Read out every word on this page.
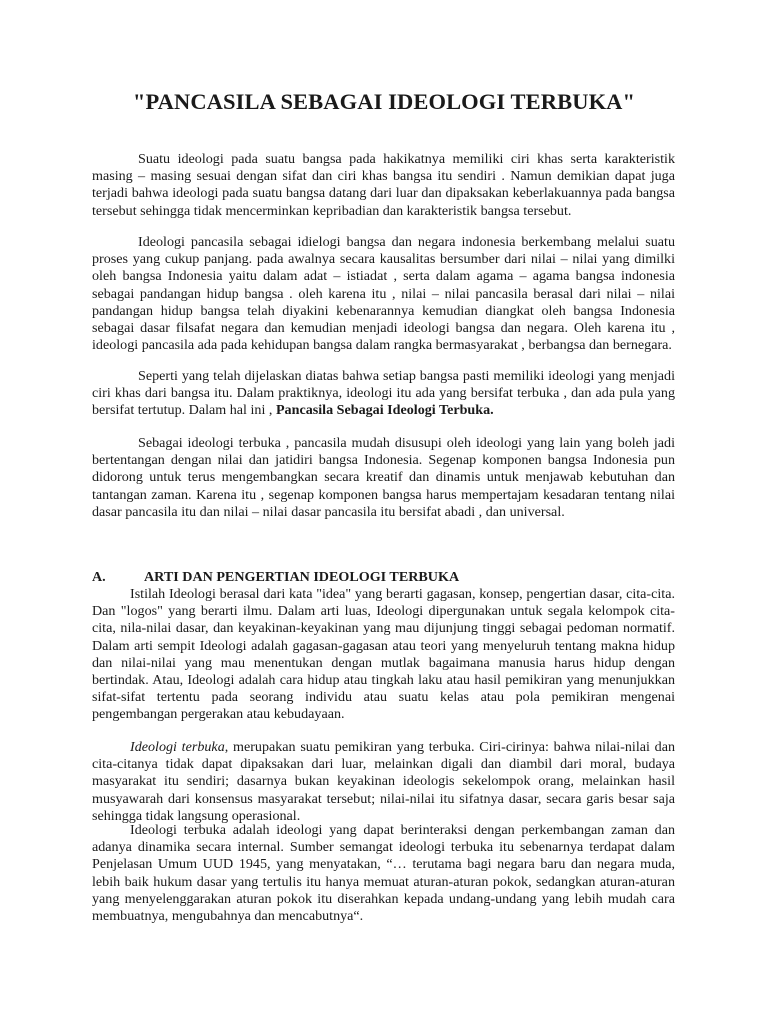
"PANCASILA SEBAGAI IDEOLOGI TERBUKA"

Suatu ideologi pada suatu bangsa pada hakikatnya memiliki ciri khas serta karakteristik masing – masing sesuai dengan sifat dan ciri khas bangsa itu sendiri . Namun demikian dapat juga terjadi bahwa ideologi pada suatu bangsa datang dari luar dan dipaksakan keberlakuannya pada bangsa tersebut sehingga tidak mencerminkan kepribadian dan karakteristik bangsa tersebut.

Ideologi pancasila sebagai idielogi bangsa dan negara indonesia berkembang melalui suatu proses yang cukup panjang. pada awalnya secara kausalitas bersumber dari nilai – nilai yang dimilki oleh bangsa Indonesia yaitu dalam adat – istiadat , serta dalam agama – agama bangsa indonesia sebagai pandangan hidup bangsa . oleh karena itu , nilai – nilai pancasila berasal dari nilai – nilai pandangan hidup bangsa telah diyakini kebenarannya kemudian diangkat oleh bangsa Indonesia sebagai dasar filsafat negara dan kemudian menjadi ideologi bangsa dan negara. Oleh karena itu , ideologi pancasila ada pada kehidupan bangsa dalam rangka bermasyarakat , berbangsa dan bernegara.

Seperti yang telah dijelaskan diatas bahwa setiap bangsa pasti memiliki ideologi yang menjadi ciri khas dari bangsa itu. Dalam praktiknya, ideologi itu ada yang bersifat terbuka , dan ada pula yang bersifat tertutup. Dalam hal ini , Pancasila Sebagai Ideologi Terbuka.

Sebagai ideologi terbuka , pancasila mudah disusupi oleh ideologi yang lain yang boleh jadi bertentangan dengan nilai dan jatidiri bangsa Indonesia. Segenap komponen bangsa Indonesia pun didorong untuk terus mengembangkan secara kreatif dan dinamis untuk menjawab kebutuhan dan tantangan zaman. Karena itu , segenap komponen bangsa harus mempertajam kesadaran tentang nilai dasar pancasila itu dan nilai – nilai dasar pancasila itu bersifat abadi , dan universal.

A.	ARTI DAN PENGERTIAN IDEOLOGI TERBUKA

Istilah Ideologi berasal dari kata "idea" yang berarti gagasan, konsep, pengertian dasar, cita-cita. Dan "logos" yang berarti ilmu. Dalam arti luas, Ideologi dipergunakan untuk segala kelompok cita-cita, nila-nilai dasar, dan keyakinan-keyakinan yang mau dijunjung tinggi sebagai pedoman normatif. Dalam arti sempit Ideologi adalah gagasan-gagasan atau teori yang menyeluruh tentang makna hidup dan nilai-nilai yang mau menentukan dengan mutlak bagaimana manusia harus hidup dengan bertindak. Atau, Ideologi adalah cara hidup atau tingkah laku atau hasil pemikiran yang menunjukkan sifat-sifat tertentu pada seorang individu atau suatu kelas atau pola pemikiran mengenai pengembangan pergerakan atau kebudayaan.

Ideologi terbuka, merupakan suatu pemikiran yang terbuka. Ciri-cirinya: bahwa nilai-nilai dan cita-citanya tidak dapat dipaksakan dari luar, melainkan digali dan diambil dari moral, budaya masyarakat itu sendiri; dasarnya bukan keyakinan ideologis sekelompok orang, melainkan hasil musyawarah dari konsensus masyarakat tersebut; nilai-nilai itu sifatnya dasar, secara garis besar saja sehingga tidak langsung operasional.

Ideologi terbuka adalah ideologi yang dapat berinteraksi dengan perkembangan zaman dan adanya dinamika secara internal. Sumber semangat ideologi terbuka itu sebenarnya terdapat dalam Penjelasan Umum UUD 1945, yang menyatakan, “… terutama bagi negara baru dan negara muda, lebih baik hukum dasar yang tertulis itu hanya memuat aturan-aturan pokok, sedangkan aturan-aturan yang menyelenggarakan aturan pokok itu diserahkan kepada undang-undang yang lebih mudah cara membuatnya, mengubahnya dan mencabutnya“.
